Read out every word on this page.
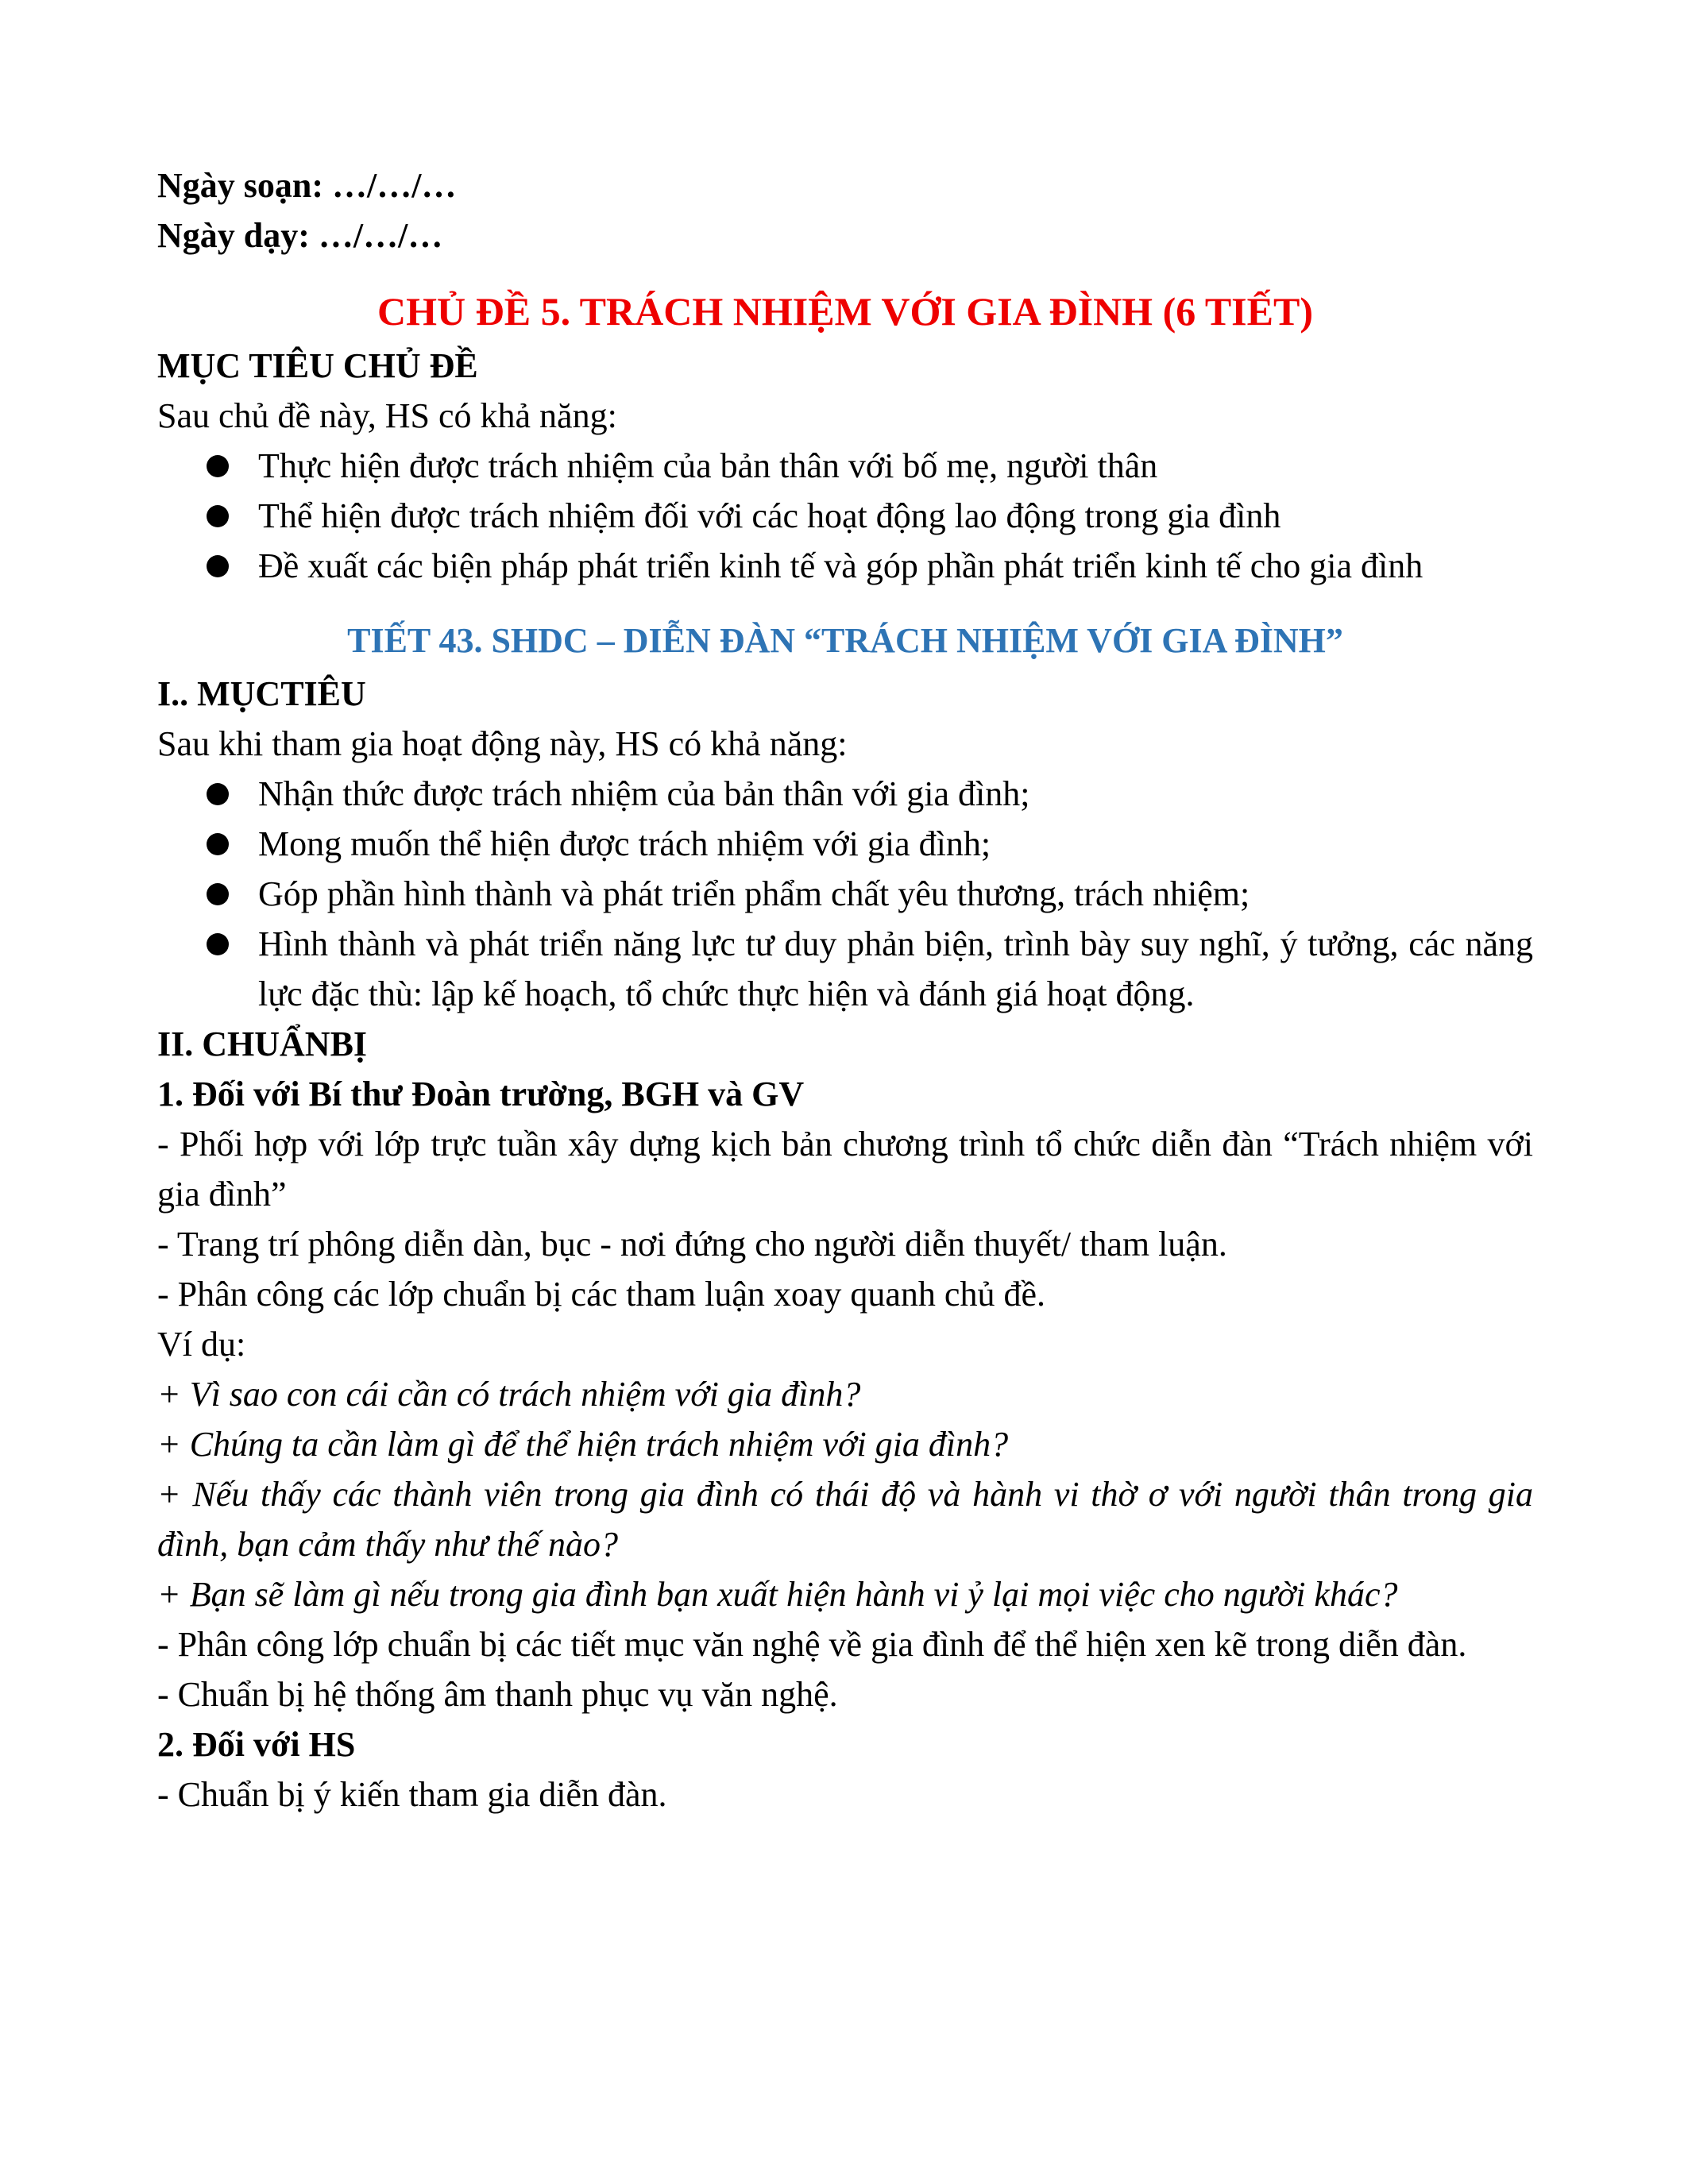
Ngày soạn: …/…/…

Ngày dạy: …/…/…

CHỦ ĐỀ 5. TRÁCH NHIỆM VỚI GIA ĐÌNH (6 TIẾT)

MỤC TIÊU CHỦ ĐỀ

Sau chủ đề này, HS có khả năng:

Thực hiện được trách nhiệm của bản thân với bố mẹ, người thân
Thể hiện được trách nhiệm đối với các hoạt động lao động trong gia đình
Đề xuất các biện pháp phát triển kinh tế và góp phần phát triển kinh tế cho gia đình

TIẾT 43. SHDC – DIỄN ĐÀN “TRÁCH NHIỆM VỚI GIA ĐÌNH”

I.. MỤCTIÊU

Sau khi tham gia hoạt động này, HS có khả năng:

Nhận thức được trách nhiệm của bản thân với gia đình;
Mong muốn thể hiện được trách nhiệm với gia đình;
Góp phần hình thành và phát triển phẩm chất yêu thương, trách nhiệm;
Hình thành và phát triển năng lực tư duy phản biện, trình bày suy nghĩ, ý tưởng, các năng lực đặc thù: lập kế hoạch, tổ chức thực hiện và đánh giá hoạt động.

II. CHUẨNBỊ

1. Đối với Bí thư Đoàn trường, BGH và GV

- Phối hợp với lớp trực tuần xây dựng kịch bản chương trình tổ chức diễn đàn “Trách nhiệm với gia đình”

- Trang trí phông diễn dàn, bục - nơi đứng cho người diễn thuyết/ tham luận.

- Phân công các lớp chuẩn bị các tham luận xoay quanh chủ đề.

Ví dụ:

+ Vì sao con cái cần có trách nhiệm với gia đình?

+ Chúng ta cần làm gì để thể hiện trách nhiệm với gia đình?

+ Nếu thấy các thành viên trong gia đình có thái độ và hành vi thờ ơ với người thân trong gia đình, bạn cảm thấy như thế nào?

+ Bạn sẽ làm gì nếu trong gia đình bạn xuất hiện hành vi ỷ lại mọi việc cho người khác?

- Phân công lớp chuẩn bị các tiết mục văn nghệ về gia đình để thể hiện xen kẽ trong diễn đàn.

- Chuẩn bị hệ thống âm thanh phục vụ văn nghệ.

2. Đối với HS

- Chuẩn bị ý kiến tham gia diễn đàn.
